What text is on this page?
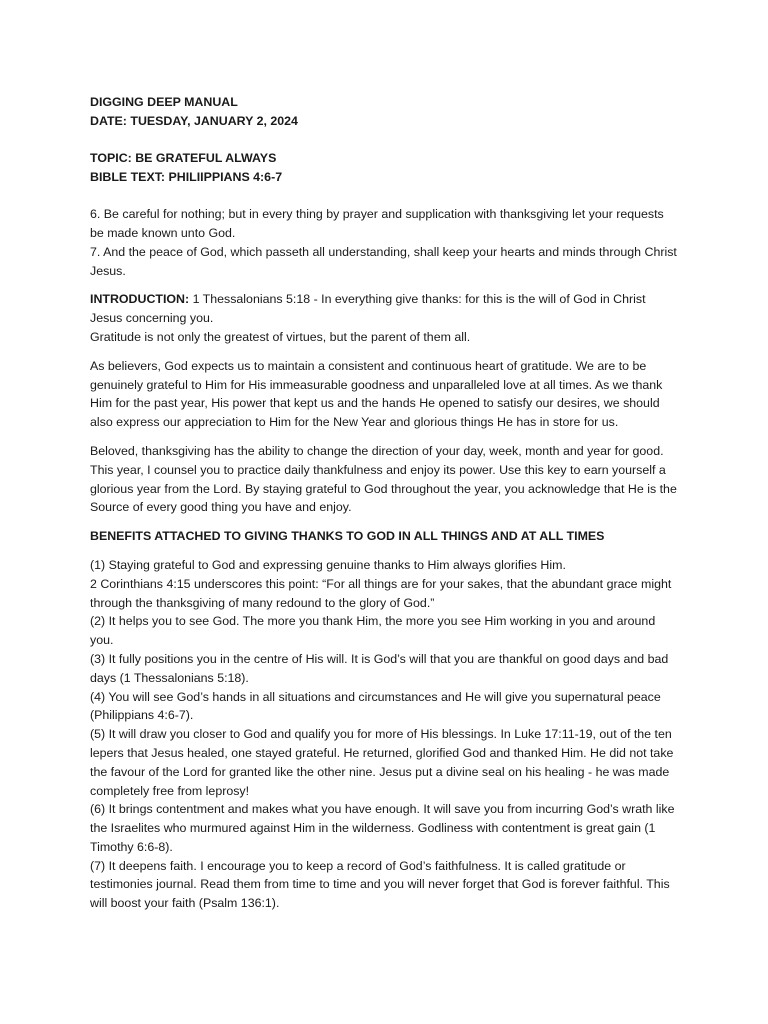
DIGGING DEEP MANUAL

DATE: TUESDAY, JANUARY 2, 2024

TOPIC: BE GRATEFUL ALWAYS

BIBLE TEXT: PHILIIPPIANS 4:6-7

6. Be careful for nothing; but in every thing by prayer and supplication with thanksgiving let your requests be made known unto God.

7. And the peace of God, which passeth all understanding, shall keep your hearts and minds through Christ Jesus.

INTRODUCTION: 1 Thessalonians 5:18 - In everything give thanks: for this is the will of God in Christ Jesus concerning you.

Gratitude is not only the greatest of virtues, but the parent of them all.

As believers, God expects us to maintain a consistent and continuous heart of gratitude. We are to be genuinely grateful to Him for His immeasurable goodness and unparalleled love at all times. As we thank Him for the past year, His power that kept us and the hands He opened to satisfy our desires, we should also express our appreciation to Him for the New Year and glorious things He has in store for us.

Beloved, thanksgiving has the ability to change the direction of your day, week, month and year for good. This year, I counsel you to practice daily thankfulness and enjoy its power. Use this key to earn yourself a glorious year from the Lord. By staying grateful to God throughout the year, you acknowledge that He is the Source of every good thing you have and enjoy.

BENEFITS ATTACHED TO GIVING THANKS TO GOD IN ALL THINGS AND AT ALL TIMES

(1) Staying grateful to God and expressing genuine thanks to Him always glorifies Him.

2 Corinthians 4:15 underscores this point: “For all things are for your sakes, that the abundant grace might through the thanksgiving of many redound to the glory of God.”

(2) It helps you to see God. The more you thank Him, the more you see Him working in you and around you.

(3) It fully positions you in the centre of His will. It is God’s will that you are thankful on good days and bad days (1 Thessalonians 5:18).

(4) You will see God’s hands in all situations and circumstances and He will give you supernatural peace (Philippians 4:6-7).

(5) It will draw you closer to God and qualify you for more of His blessings. In Luke 17:11-19, out of the ten lepers that Jesus healed, one stayed grateful. He returned, glorified God and thanked Him. He did not take the favour of the Lord for granted like the other nine. Jesus put a divine seal on his healing - he was made completely free from leprosy!

(6) It brings contentment and makes what you have enough. It will save you from incurring God’s wrath like the Israelites who murmured against Him in the wilderness. Godliness with contentment is great gain (1 Timothy 6:6-8).

(7) It deepens faith. I encourage you to keep a record of God’s faithfulness. It is called gratitude or testimonies journal. Read them from time to time and you will never forget that God is forever faithful. This will boost your faith (Psalm 136:1).
